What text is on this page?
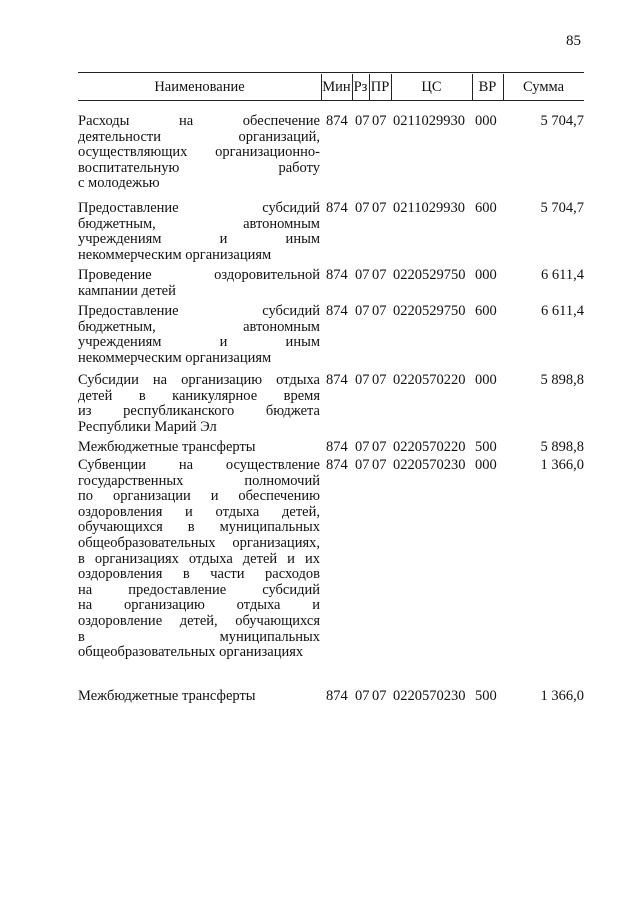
85
Наименование	Мин Рз ПР	ЦС	ВР	Сумма
Расходы на обеспечение
деятельности организаций,
осуществляющих организационно-
воспитательную работу
с молодежью
874 07 07 0211029930 000	5 704,7
Предоставление субсидий
бюджетным, автономным
учреждениям и иным
некоммерческим организациям
874 07 07 0211029930 600	5 704,7
Проведение оздоровительной
кампании детей
874 07 07 0220529750 000	6 611,4
Предоставление субсидий
бюджетным, автономным
учреждениям и иным
некоммерческим организациям
874 07 07 0220529750 600	6 611,4
Субсидии на организацию отдыха
детей в каникулярное время
из республиканского бюджета
Республики Марий Эл
874 07 07 0220570220 000	5 898,8
Межбюджетные трансферты	874 07 07 0220570220 500	5 898,8
Субвенции на осуществление
государственных полномочий
по организации и обеспечению
оздоровления и отдыха детей,
обучающихся в муниципальных
общеобразовательных организациях,
в организациях отдыха детей и их
оздоровления в части расходов
на предоставление субсидий
на организацию отдыха и
оздоровление детей, обучающихся
в муниципальных
общеобразовательных организациях
874 07 07 0220570230 000	1 366,0
Межбюджетные трансферты	874 07 07 0220570230 500	1 366,0
